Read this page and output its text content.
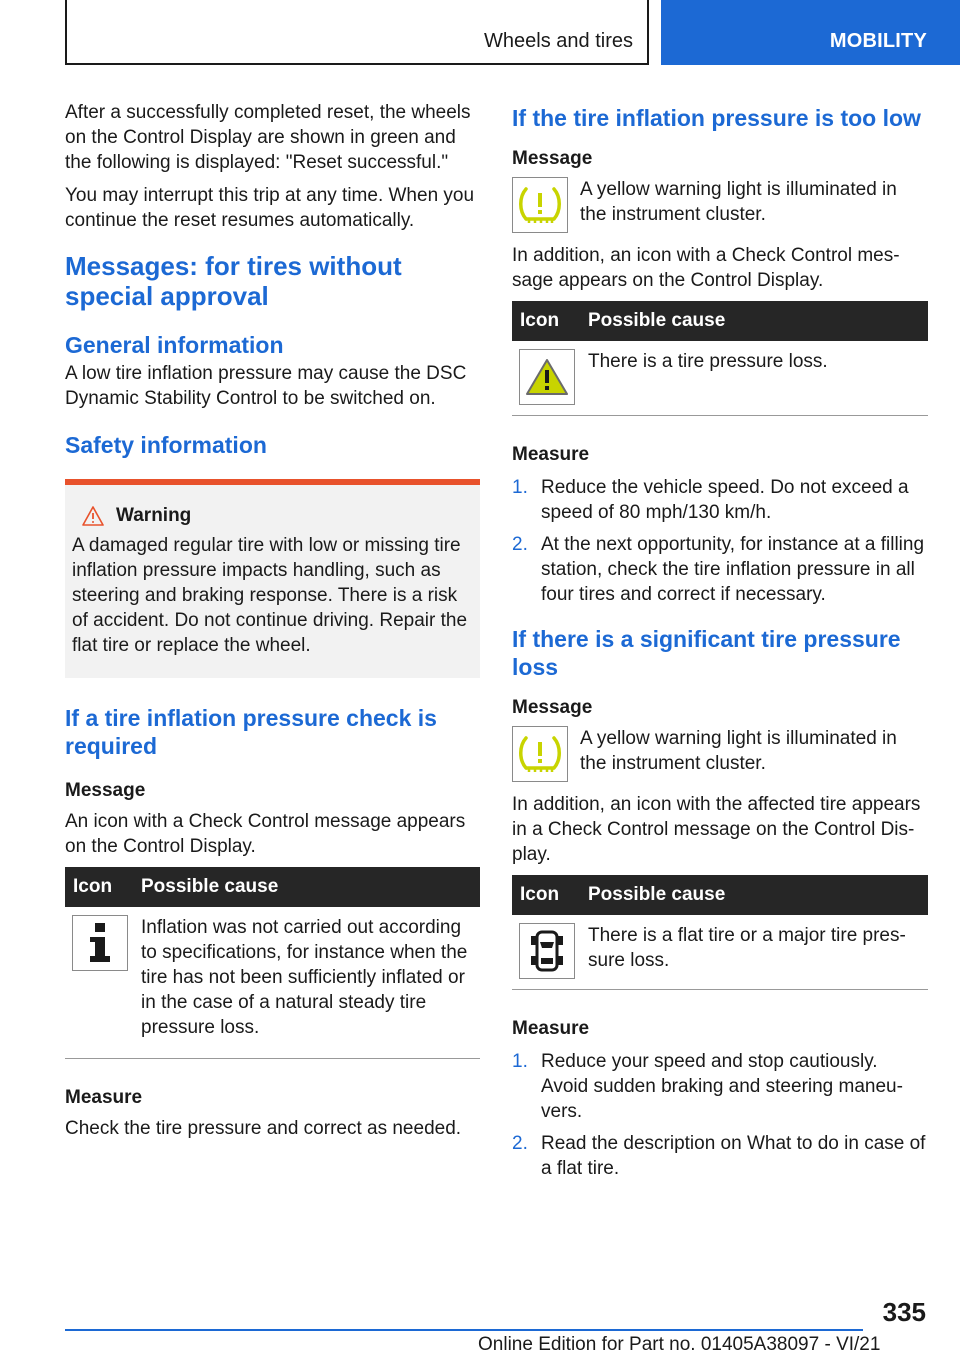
Wheels and tires	MOBILITY

After a successfully completed reset, the wheels on the Control Display are shown in green and the following is displayed: "Reset successful."

You may interrupt this trip at any time. When you continue the reset resumes automatically.

Messages: for tires without special approval
General information

A low tire inflation pressure may cause the DSC Dynamic Stability Control to be switched on.

Safety information
Warning

A damaged regular tire with low or missing tire inflation pressure impacts handling, such as steering and braking response. There is a risk of accident. Do not continue driving. Repair the flat tire or replace the wheel.

If a tire inflation pressure check is required
Message

An icon with a Check Control message appears on the Control Display.

Icon	Possible cause
Inflation was not carried out according to specifications, for instance when the tire has not been sufficiently inflated or in the case of a natural steady tire pressure loss.
Measure

Check the tire pressure and correct as needed.

If the tire inflation pressure is too low
Message
A yellow warning light is illuminated in the instrument cluster.

In addition, an icon with a Check Control message appears on the Control Display.

Icon	Possible cause
There is a tire pressure loss.
Measure
1. Reduce the vehicle speed. Do not exceed a speed of 80 mph/130 km/h.
2. At the next opportunity, for instance at a filling station, check the tire inflation pressure in all four tires and correct if necessary.
If there is a significant tire pressure loss
Message
A yellow warning light is illuminated in the instrument cluster.

In addition, an icon with the affected tire appears in a Check Control message on the Control Display.

Icon	Possible cause
There is a flat tire or a major tire pressure loss.
Measure
1. Reduce your speed and stop cautiously. Avoid sudden braking and steering maneuvers.
2. Read the description on What to do in case of a flat tire.
335
Online Edition for Part no. 01405A38097 - VI/21
